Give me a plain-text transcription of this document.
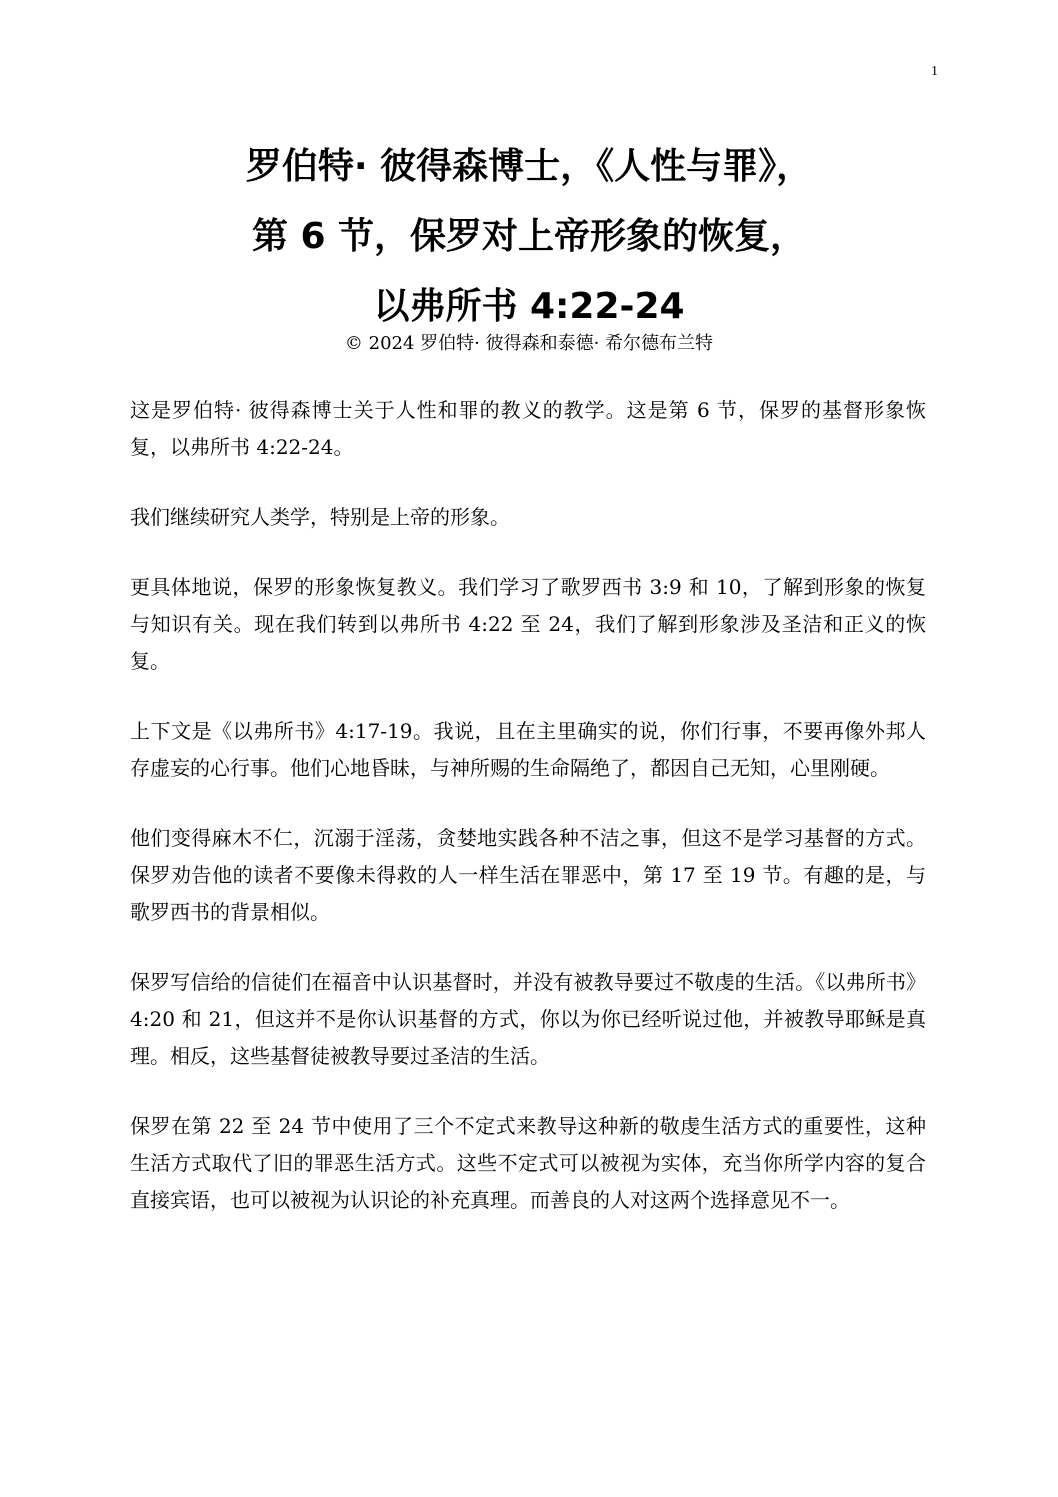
1
罗伯特· 彼得森博士，《人性与罪》，
第 6 节，保罗对上帝形象的恢复，
以弗所书 4:22-24
© 2024 罗伯特· 彼得森和泰德· 希尔德布兰特

这是罗伯特· 彼得森博士关于人性和罪的教义的教学。这是第 6 节，保罗的基督形象恢复，以弗所书 4:22-24。

我们继续研究人类学，特别是上帝的形象。

更具体地说，保罗的形象恢复教义。我们学习了歌罗西书 3:9 和 10，了解到形象的恢复与知识有关。现在我们转到以弗所书 4:22 至 24，我们了解到形象涉及圣洁和正义的恢复。

上下文是《以弗所书》4:17-19。我说，且在主里确实的说，你们行事，不要再像外邦人存虚妄的心行事。他们心地昏昧，与神所赐的生命隔绝了，都因自己无知，心里刚硬。

他们变得麻木不仁，沉溺于淫荡，贪婪地实践各种不洁之事，但这不是学习基督的方式。保罗劝告他的读者不要像未得救的人一样生活在罪恶中，第 17 至 19 节。有趣的是，与歌罗西书的背景相似。

保罗写信给的信徒们在福音中认识基督时，并没有被教导要过不敬虔的生活。《以弗所书》4:20 和 21，但这并不是你认识基督的方式，你以为你已经听说过他，并被教导耶稣是真理。相反，这些基督徒被教导要过圣洁的生活。

保罗在第 22 至 24 节中使用了三个不定式来教导这种新的敬虔生活方式的重要性，这种生活方式取代了旧的罪恶生活方式。这些不定式可以被视为实体，充当你所学内容的复合直接宾语，也可以被视为认识论的补充真理。而善良的人对这两个选择意见不一。
